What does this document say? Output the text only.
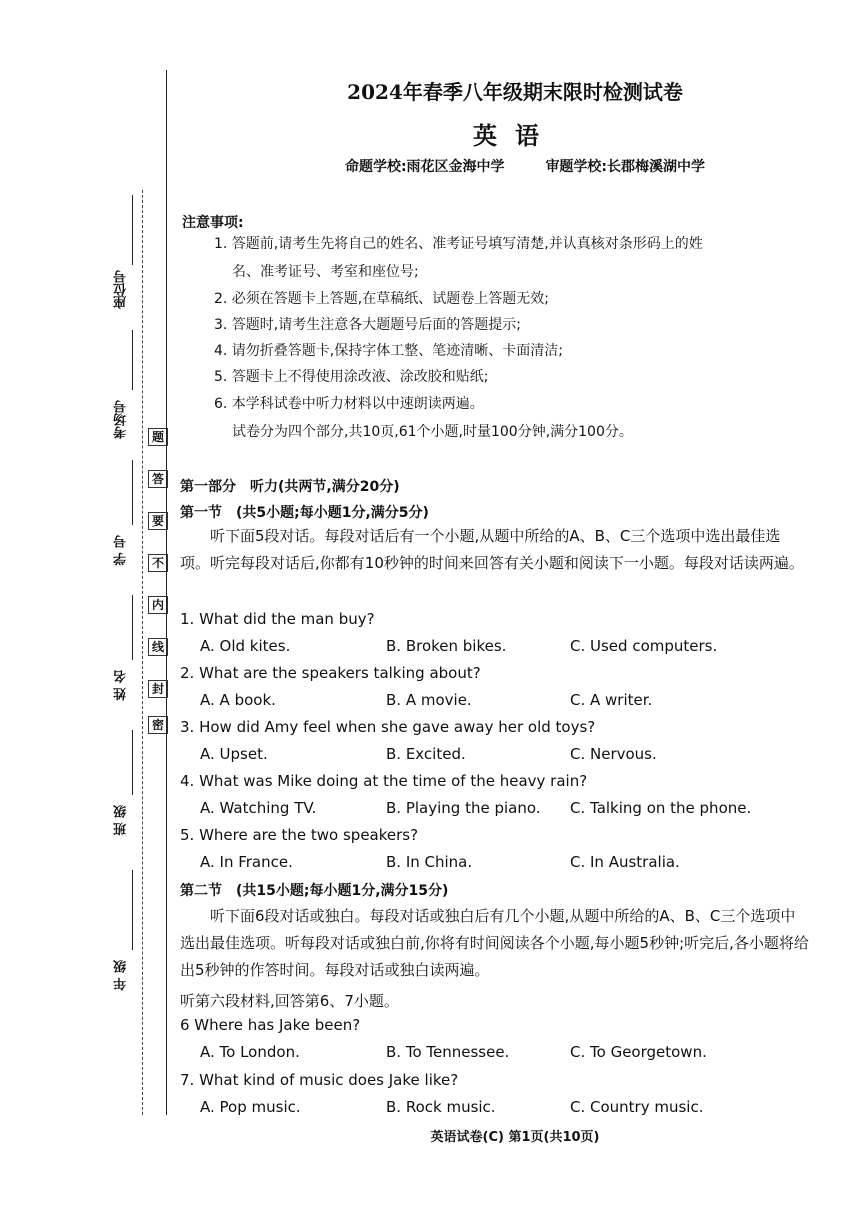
座位号
考场号
学 号
姓 名
班 级
年 级
题
答
要
不
内
线
封
密
2024年春季八年级期末限时检测试卷
英语
命题学校:雨花区金海中学	审题学校:长郡梅溪湖中学
注意事项:
1. 答题前,请考生先将自己的姓名、准考证号填写清楚,并认真核对条形码上的姓
名、准考证号、考室和座位号;
2. 必须在答题卡上答题,在草稿纸、试题卷上答题无效;
3. 答题时,请考生注意各大题题号后面的答题提示;
4. 请勿折叠答题卡,保持字体工整、笔迹清晰、卡面清洁;
5. 答题卡上不得使用涂改液、涂改胶和贴纸;
6. 本学科试卷中听力材料以中速朗读两遍。
试卷分为四个部分,共10页,61个小题,时量100分钟,满分100分。
第一部分 听力(共两节,满分20分)
第一节 (共5小题;每小题1分,满分5分)
听下面5段对话。每段对话后有一个小题,从题中所给的A、B、C三个选项中选出最佳选项。听完每段对话后,你都有10秒钟的时间来回答有关小题和阅读下一小题。每段对话读两遍。
1. What did the man buy?
A. Old kites.	B. Broken bikes.	C. Used computers.
2. What are the speakers talking about?
A. A book.	B. A movie.	C. A writer.
3. How did Amy feel when she gave away her old toys?
A. Upset.	B. Excited.	C. Nervous.
4. What was Mike doing at the time of the heavy rain?
A. Watching TV.	B. Playing the piano. C. Talking on the phone.
5. Where are the two speakers?
A. In France.	B. In China.	C. In Australia.
第二节 (共15小题;每小题1分,满分15分)
听下面6段对话或独白。每段对话或独白后有几个小题,从题中所给的A、B、C三个选项中选出最佳选项。听每段对话或独白前,你将有时间阅读各个小题,每小题5秒钟;听完后,各小题将给出5秒钟的作答时间。每段对话或独白读两遍。
听第六段材料,回答第6、7小题。
6 Where has Jake been?
A. To London.	B. To Tennessee.	C. To Georgetown.
7. What kind of music does Jake like?
A. Pop music.	B. Rock music.	C. Country music.
英语试卷(C) 第1页(共10页)
